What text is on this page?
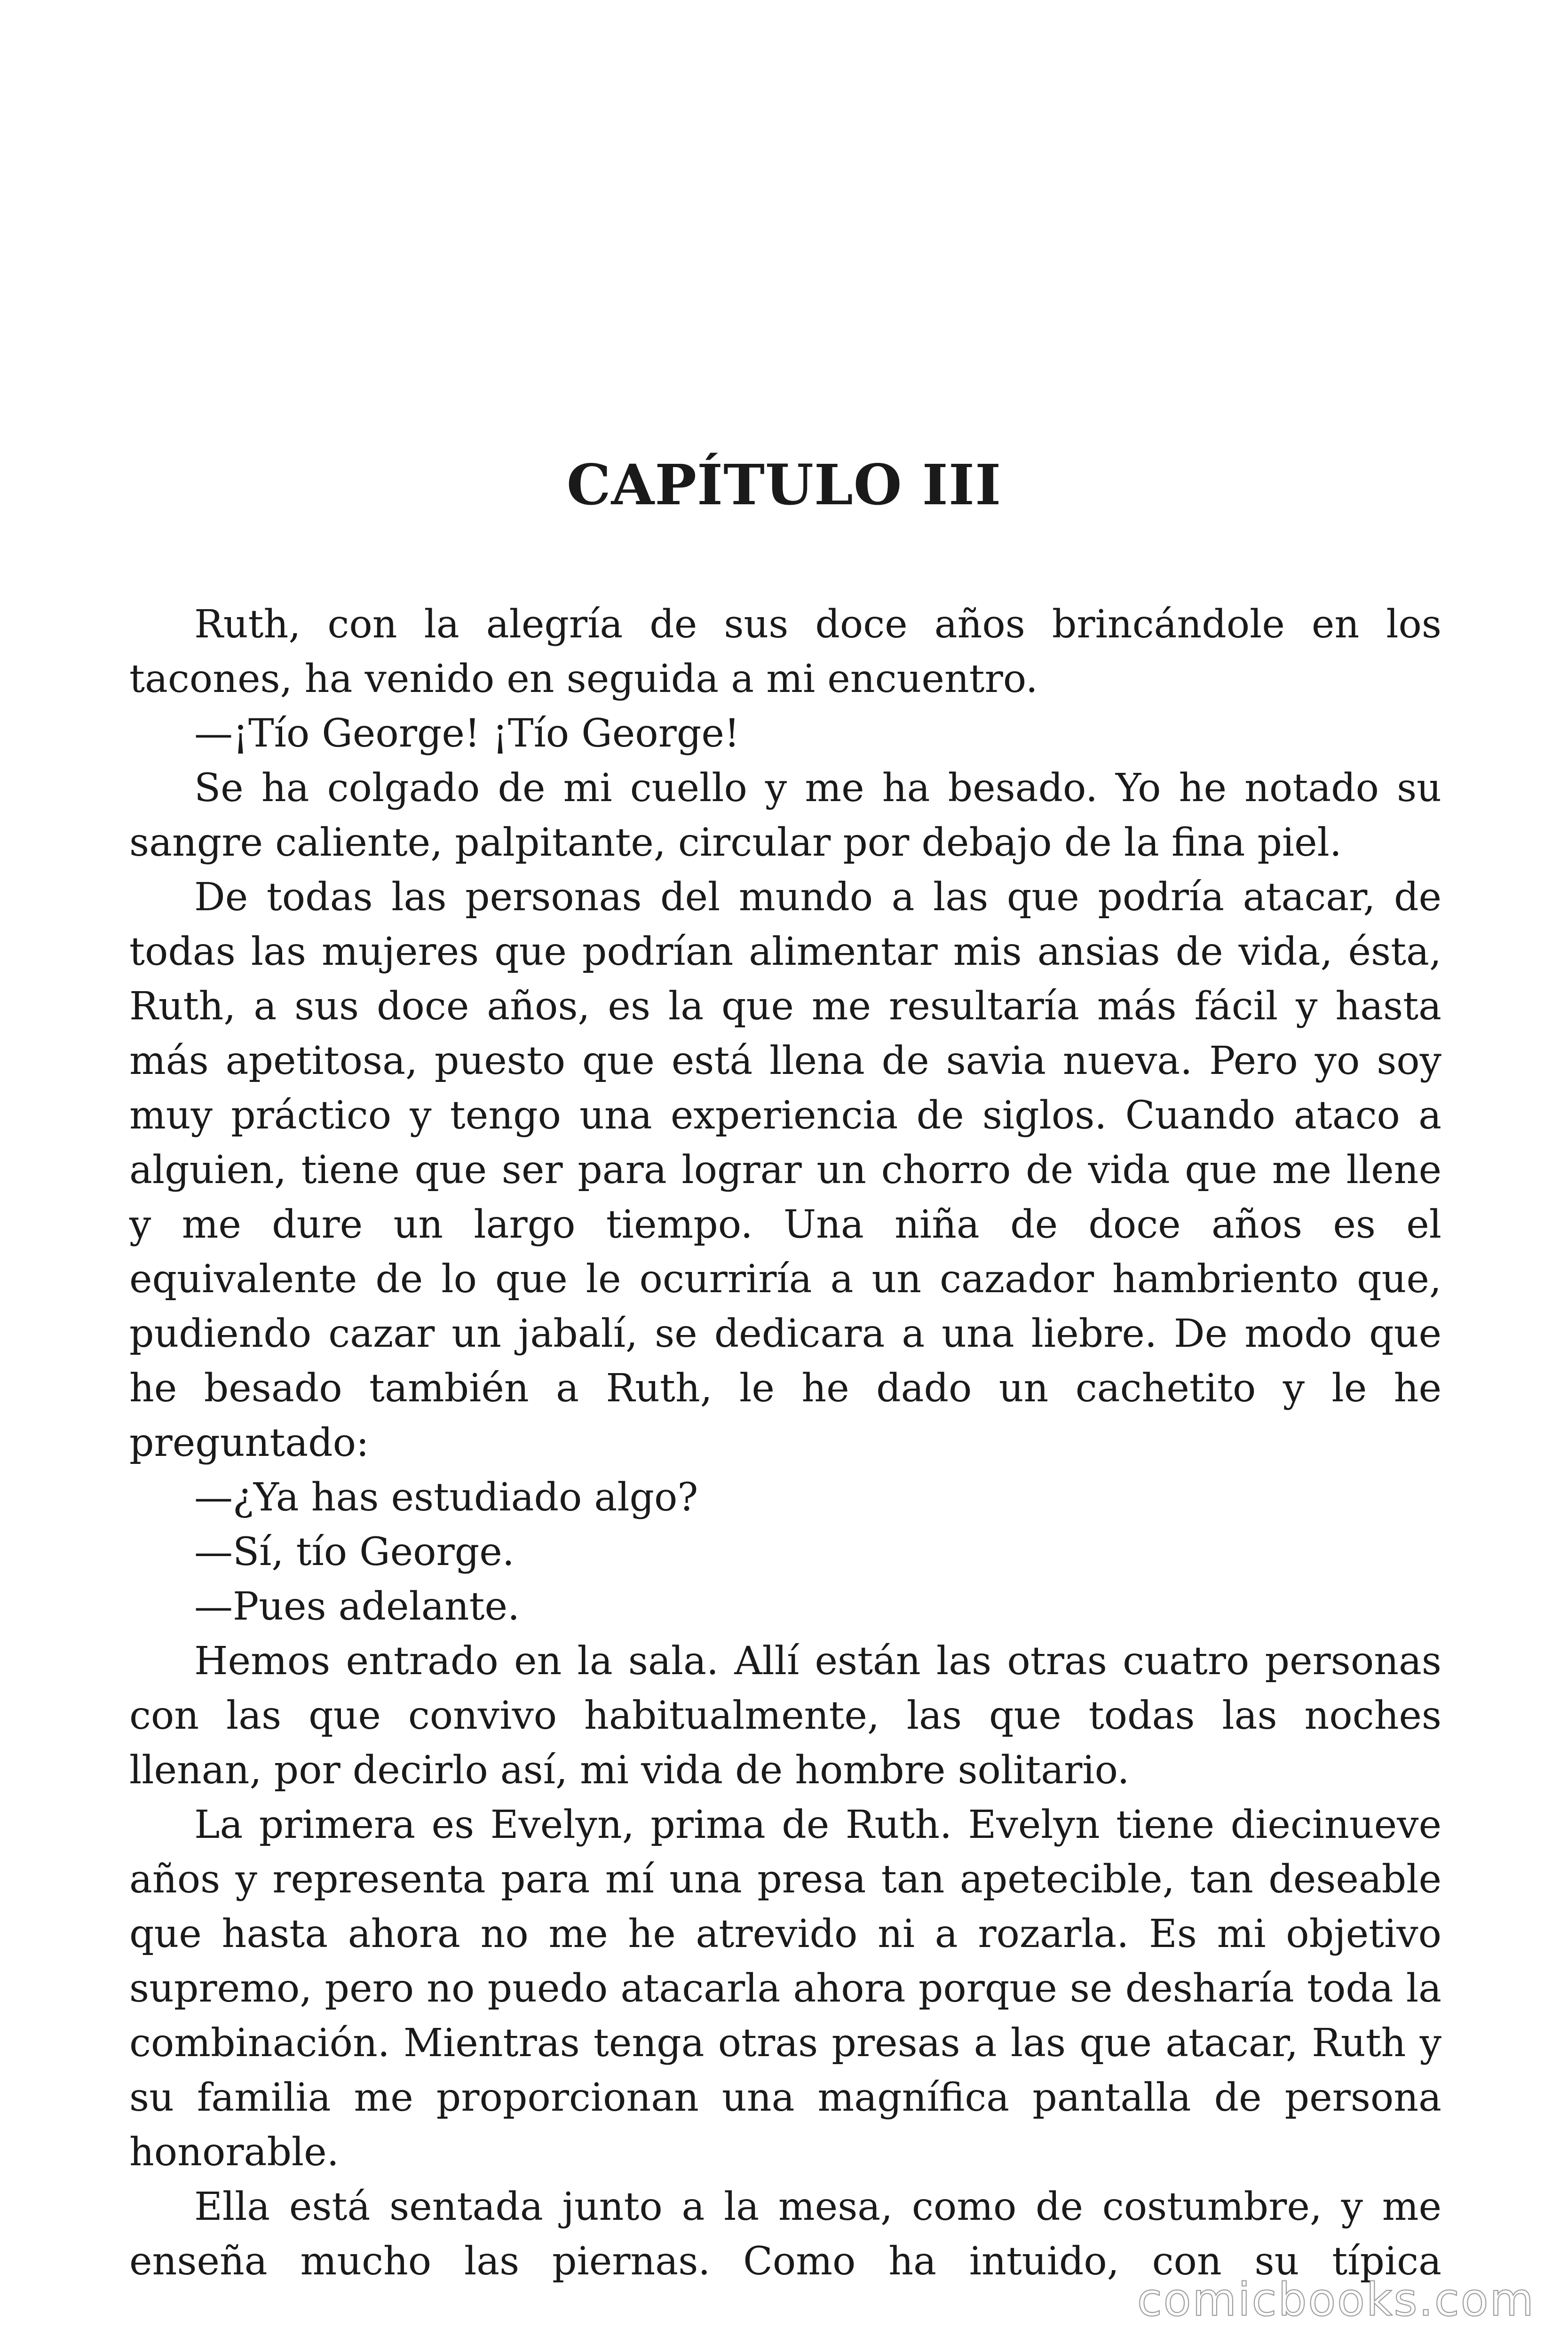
CAPÍTULO III

Ruth, con la alegría de sus doce años brincándole en los tacones, ha venido en seguida a mi encuentro.

—¡Tío George! ¡Tío George!

Se ha colgado de mi cuello y me ha besado. Yo he notado su sangre caliente, palpitante, circular por debajo de la fina piel.

De todas las personas del mundo a las que podría atacar, de todas las mujeres que podrían alimentar mis ansias de vida, ésta, Ruth, a sus doce años, es la que me resultaría más fácil y hasta más apetitosa, puesto que está llena de savia nueva. Pero yo soy muy práctico y tengo una experiencia de siglos. Cuando ataco a alguien, tiene que ser para lograr un chorro de vida que me llene y me dure un largo tiempo. Una niña de doce años es el equivalente de lo que le ocurriría a un cazador hambriento que, pudiendo cazar un jabalí, se dedicara a una liebre. De modo que he besado también a Ruth, le he dado un cachetito y le he preguntado:

—¿Ya has estudiado algo?

—Sí, tío George.

—Pues adelante.

Hemos entrado en la sala. Allí están las otras cuatro personas con las que convivo habitualmente, las que todas las noches llenan, por decirlo así, mi vida de hombre solitario.

La primera es Evelyn, prima de Ruth. Evelyn tiene diecinueve años y representa para mí una presa tan apetecible, tan deseable que hasta ahora no me he atrevido ni a rozarla. Es mi objetivo supremo, pero no puedo atacarla ahora porque se desharía toda la combinación. Mientras tenga otras presas a las que atacar, Ruth y su familia me proporcionan una magnífica pantalla de persona honorable.

Ella está sentada junto a la mesa, como de costumbre, y me enseña mucho las piernas. Como ha intuido, con su típica

comicbooks.com
